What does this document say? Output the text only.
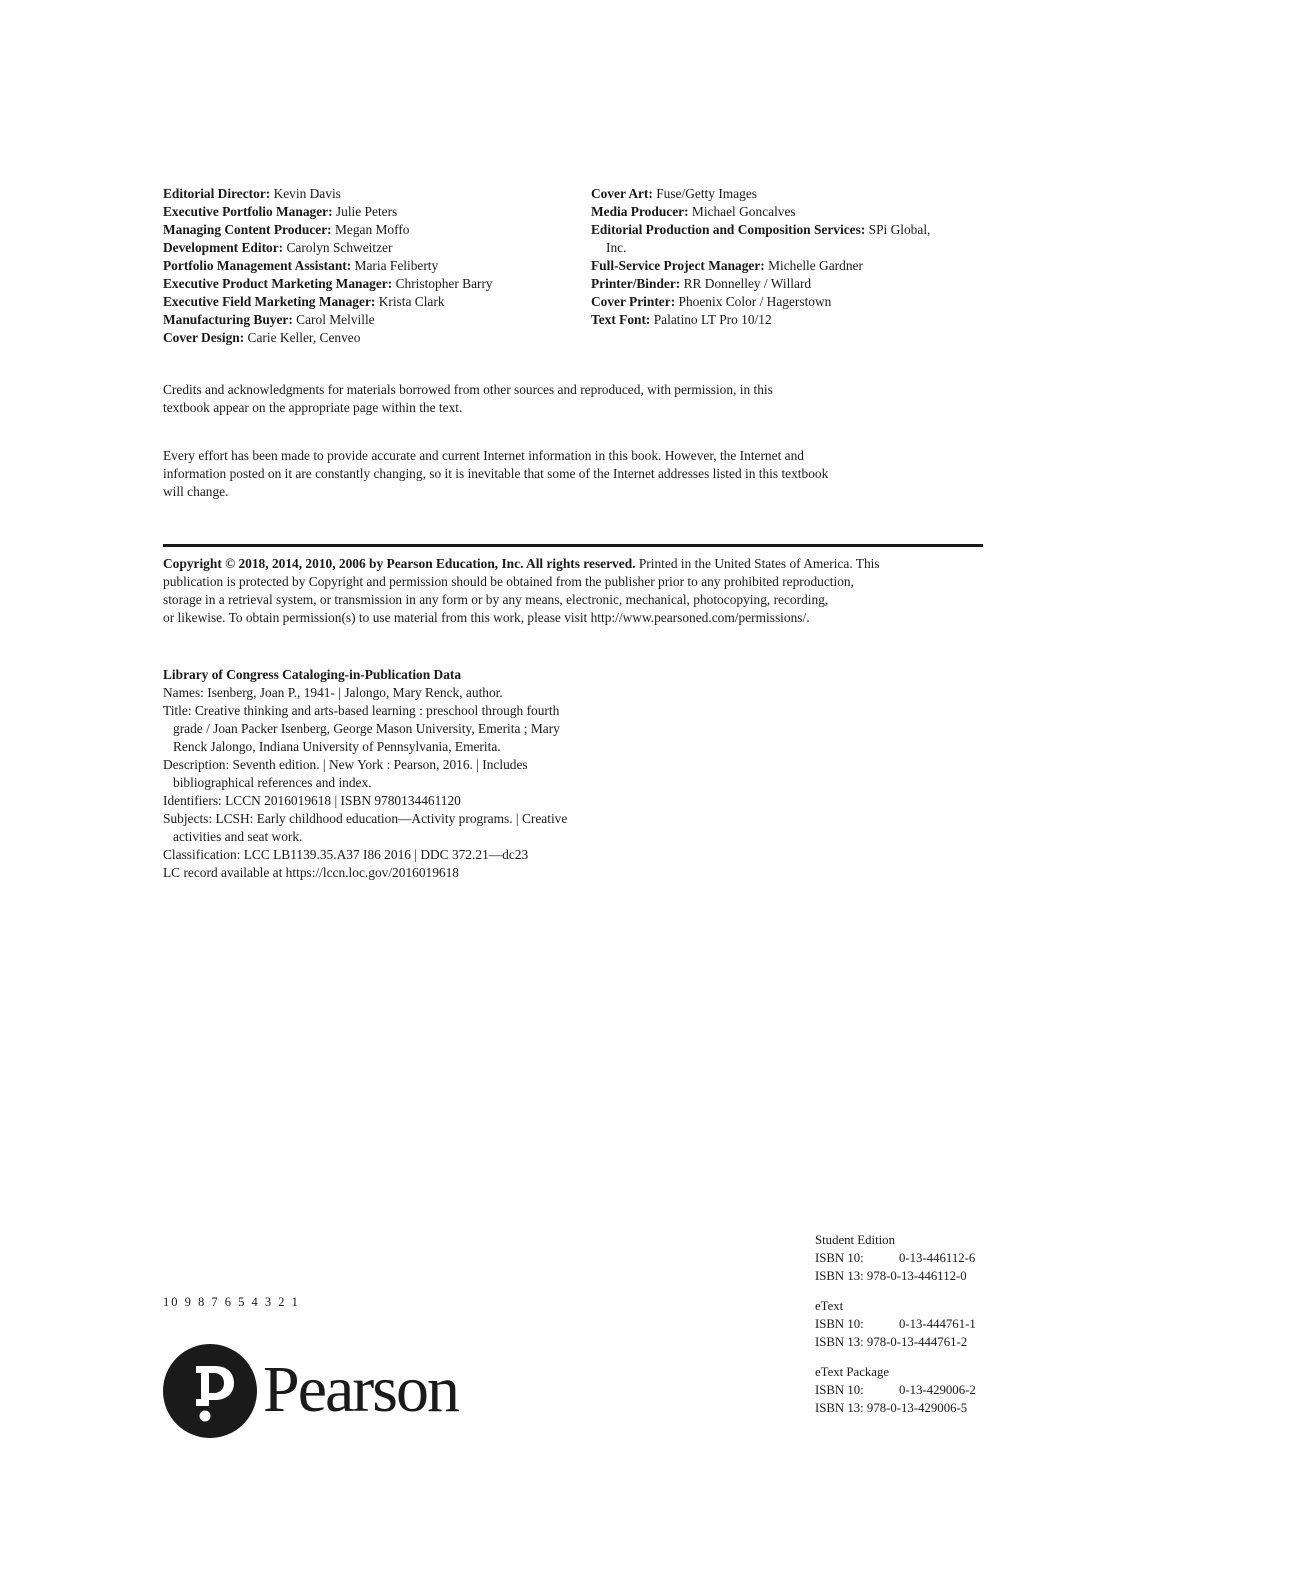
Editorial Director: Kevin Davis
Executive Portfolio Manager: Julie Peters
Managing Content Producer: Megan Moffo
Development Editor: Carolyn Schweitzer
Portfolio Management Assistant: Maria Feliberty
Executive Product Marketing Manager: Christopher Barry
Executive Field Marketing Manager: Krista Clark
Manufacturing Buyer: Carol Melville
Cover Design: Carie Keller, Cenveo
Cover Art: Fuse/Getty Images
Media Producer: Michael Goncalves
Editorial Production and Composition Services: SPi Global,
Inc.
Full-Service Project Manager: Michelle Gardner
Printer/Binder: RR Donnelley / Willard
Cover Printer: Phoenix Color / Hagerstown
Text Font: Palatino LT Pro 10/12
Credits and acknowledgments for materials borrowed from other sources and reproduced, with permission, in this
textbook appear on the appropriate page within the text.
Every effort has been made to provide accurate and current Internet information in this book. However, the Internet and
information posted on it are constantly changing, so it is inevitable that some of the Internet addresses listed in this textbook
will change.
Copyright © 2018, 2014, 2010, 2006 by Pearson Education, Inc. All rights reserved. Printed in the United States of America. This
publication is protected by Copyright and permission should be obtained from the publisher prior to any prohibited reproduction,
storage in a retrieval system, or transmission in any form or by any means, electronic, mechanical, photocopying, recording,
or likewise. To obtain permission(s) to use material from this work, please visit http://www.pearsoned.com/permissions/.
Library of Congress Cataloging-in-Publication Data
Names: Isenberg, Joan P., 1941- | Jalongo, Mary Renck, author.
Title: Creative thinking and arts-based learning : preschool through fourth
grade / Joan Packer Isenberg, George Mason University, Emerita ; Mary
Renck Jalongo, Indiana University of Pennsylvania, Emerita.
Description: Seventh edition. | New York : Pearson, 2016. | Includes
bibliographical references and index.
Identifiers: LCCN 2016019618 | ISBN 9780134461120
Subjects: LCSH: Early childhood education—Activity programs. | Creative
activities and seat work.
Classification: LCC LB1139.35.A37 I86 2016 | DDC 372.21—dc23
LC record available at https://lccn.loc.gov/2016019618
10 9 8 7 6 5 4 3 2 1
Pearson
Student Edition
ISBN 10:	0-13-446112-6
ISBN 13:
978-0-13-446112-0
eText
ISBN 10:	0-13-444761-1
ISBN 13:
978-0-13-444761-2
eText Package
ISBN 10:	0-13-429006-2
ISBN 13:
978-0-13-429006-5
